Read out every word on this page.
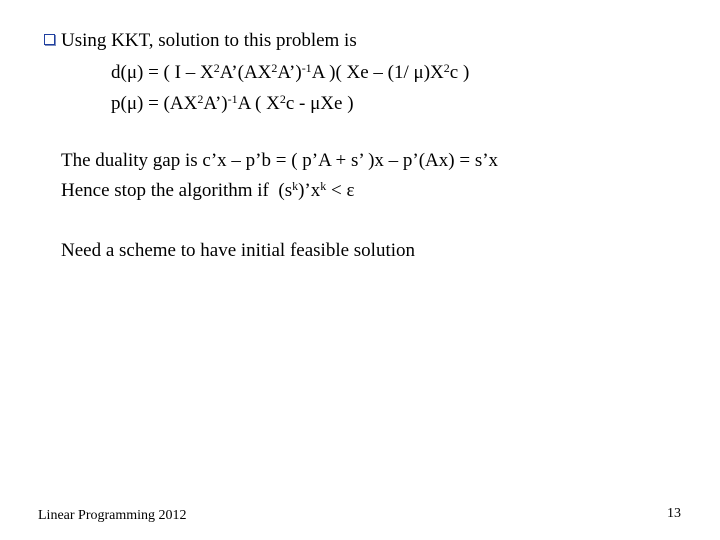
Using KKT, solution to this problem is
d(μ) = ( I – $X^2A’(AX^2A’)^{-1}A$ )( Xe – (1/ $\mu)X^2c$ )
$p(\mu) = (AX^2A’)^{-1}A$ ( $X^2c$ - μXe )
The duality gap is c’x – p’b = ( p’A + s’ )x – p’(Ax) = s’x
Hence stop the algorithm if  $(s^k)’x^k < \varepsilon$
Need a scheme to have initial feasible solution
Linear Programming 2012	13
